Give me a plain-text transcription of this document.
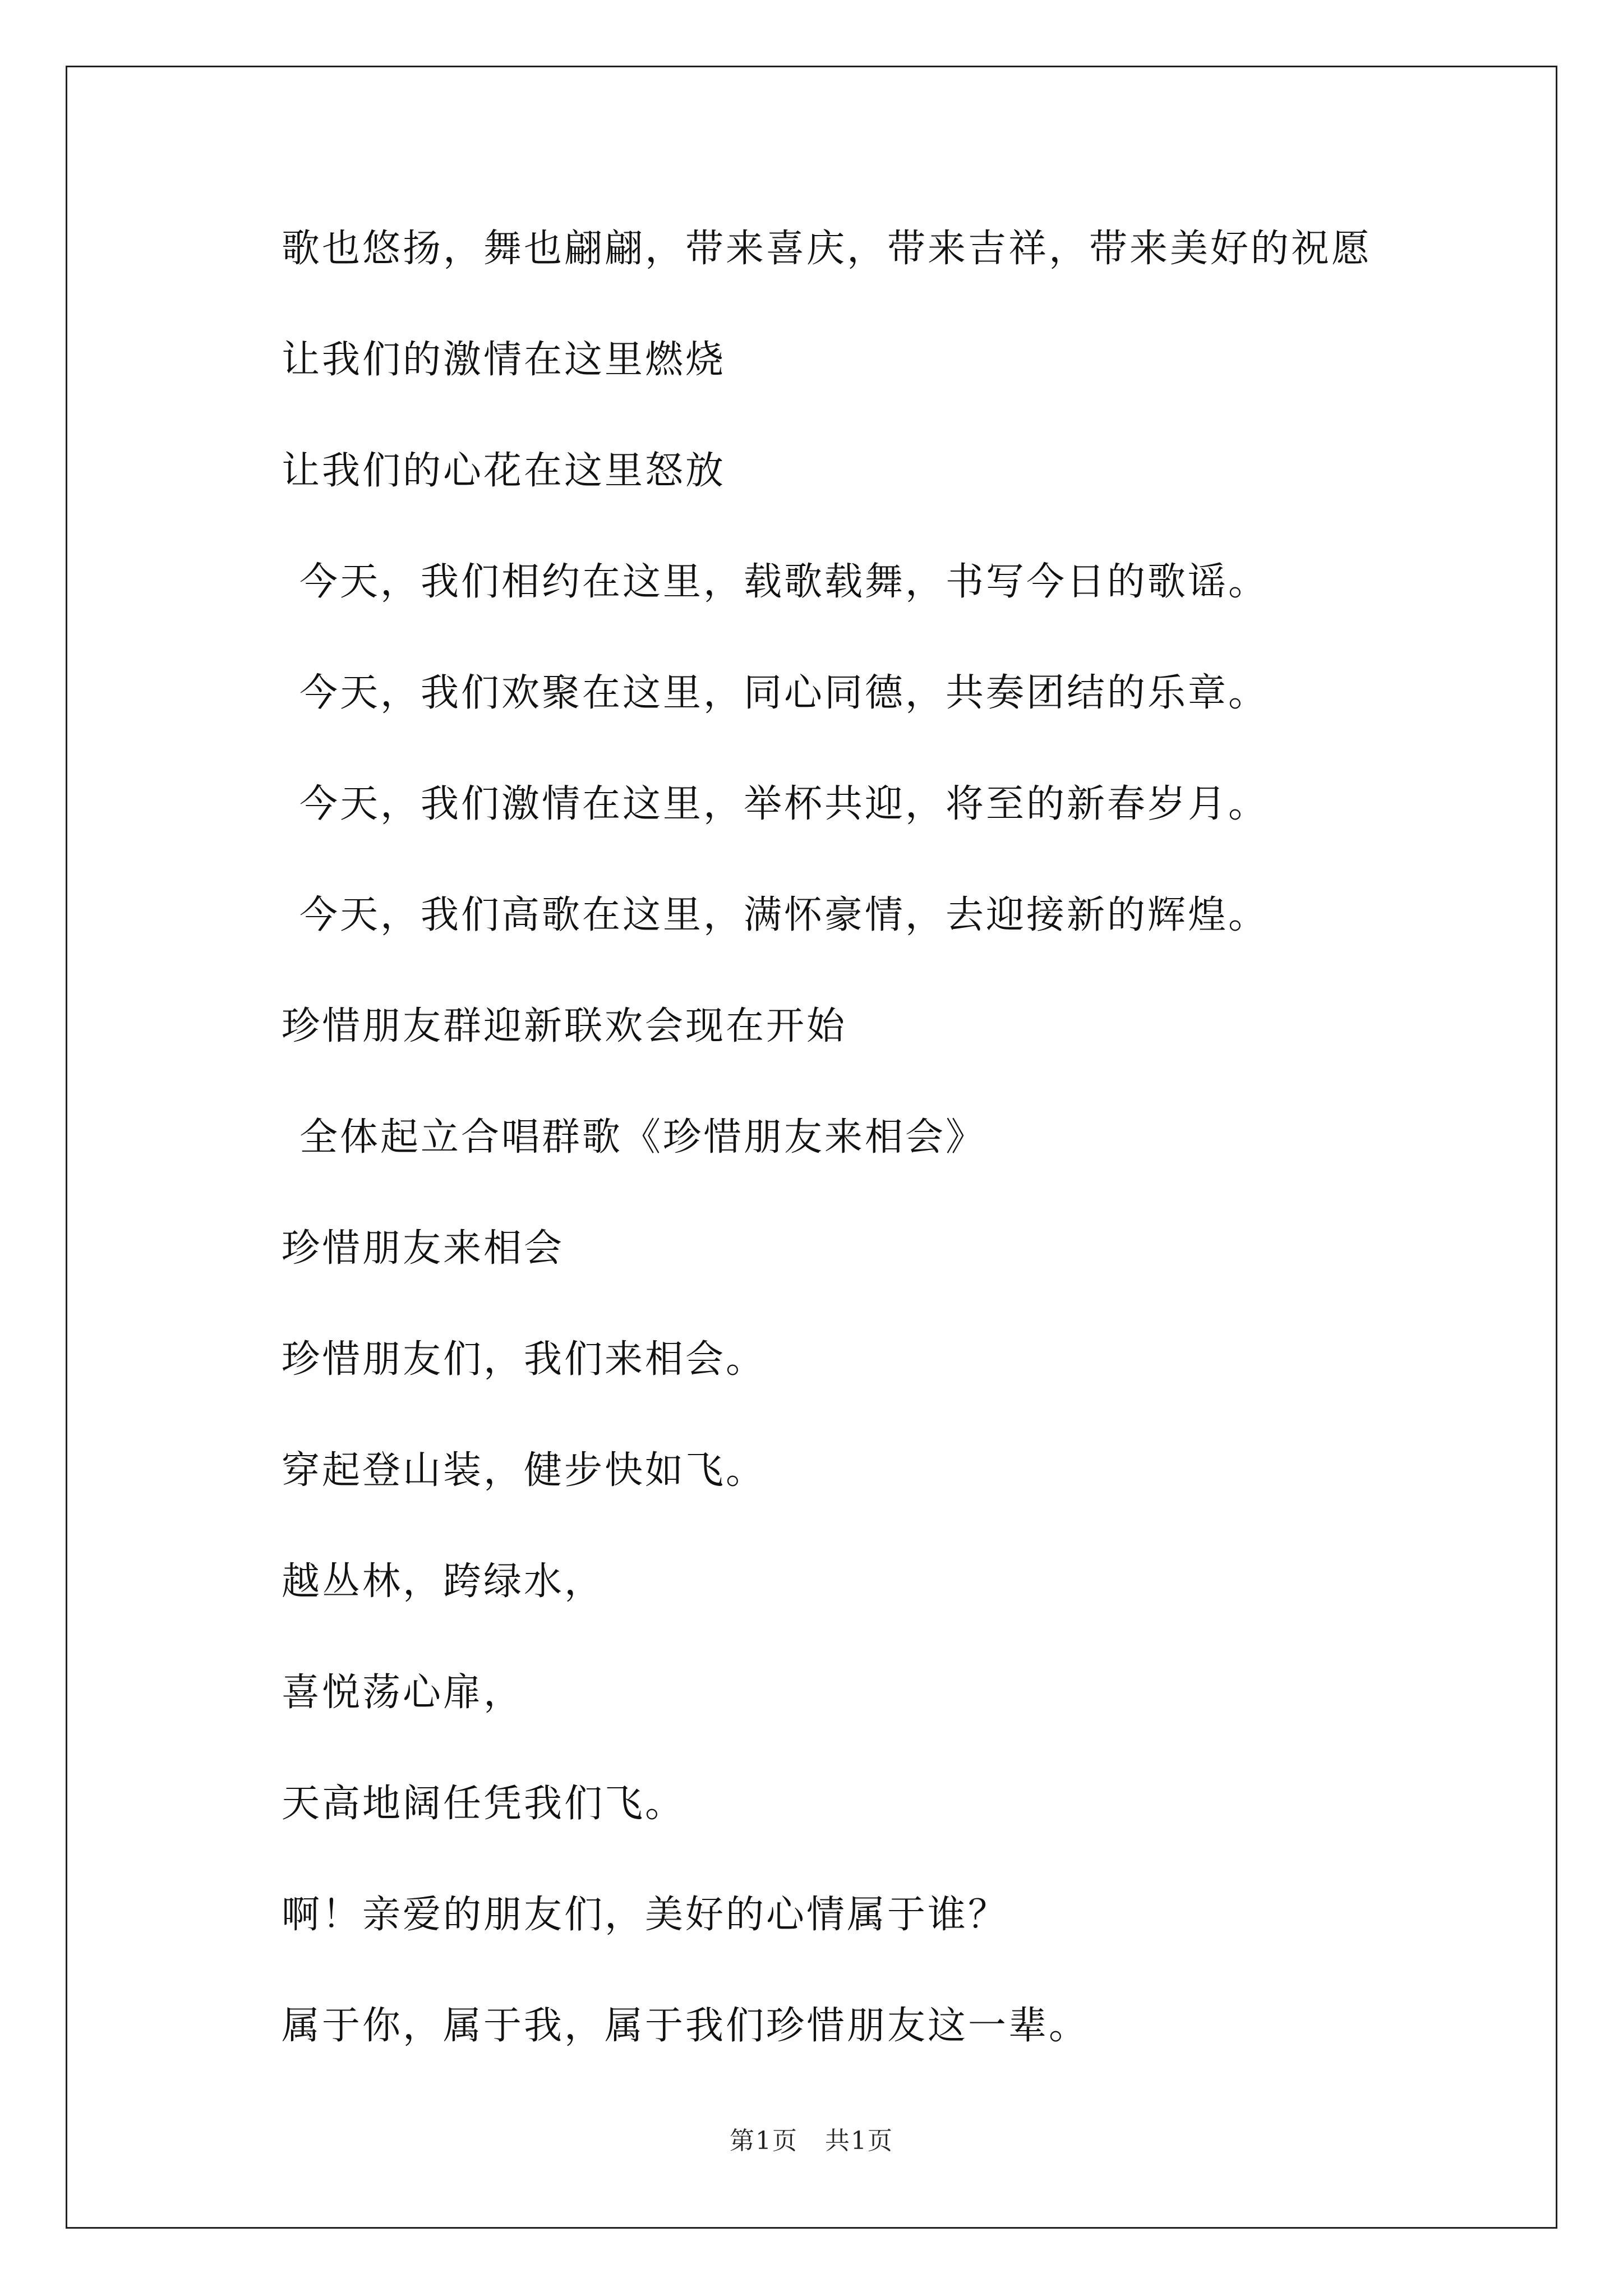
歌也悠扬，舞也翩翩，带来喜庆，带来吉祥，带来美好的祝愿
让我们的激情在这里燃烧
让我们的心花在这里怒放
今天，我们相约在这里，载歌载舞，书写今日的歌谣。
今天，我们欢聚在这里，同心同德，共奏团结的乐章。
今天，我们激情在这里，举杯共迎，将至的新春岁月。
今天，我们高歌在这里，满怀豪情，去迎接新的辉煌。
珍惜朋友群迎新联欢会现在开始
全体起立合唱群歌《珍惜朋友来相会》
珍惜朋友来相会
珍惜朋友们，我们来相会。
穿起登山装，健步快如飞。
越丛林，跨绿水，
喜悦荡心扉，
天高地阔任凭我们飞。
啊！亲爱的朋友们，美好的心情属于谁？
属于你，属于我，属于我们珍惜朋友这一辈。
第1页   共1页
